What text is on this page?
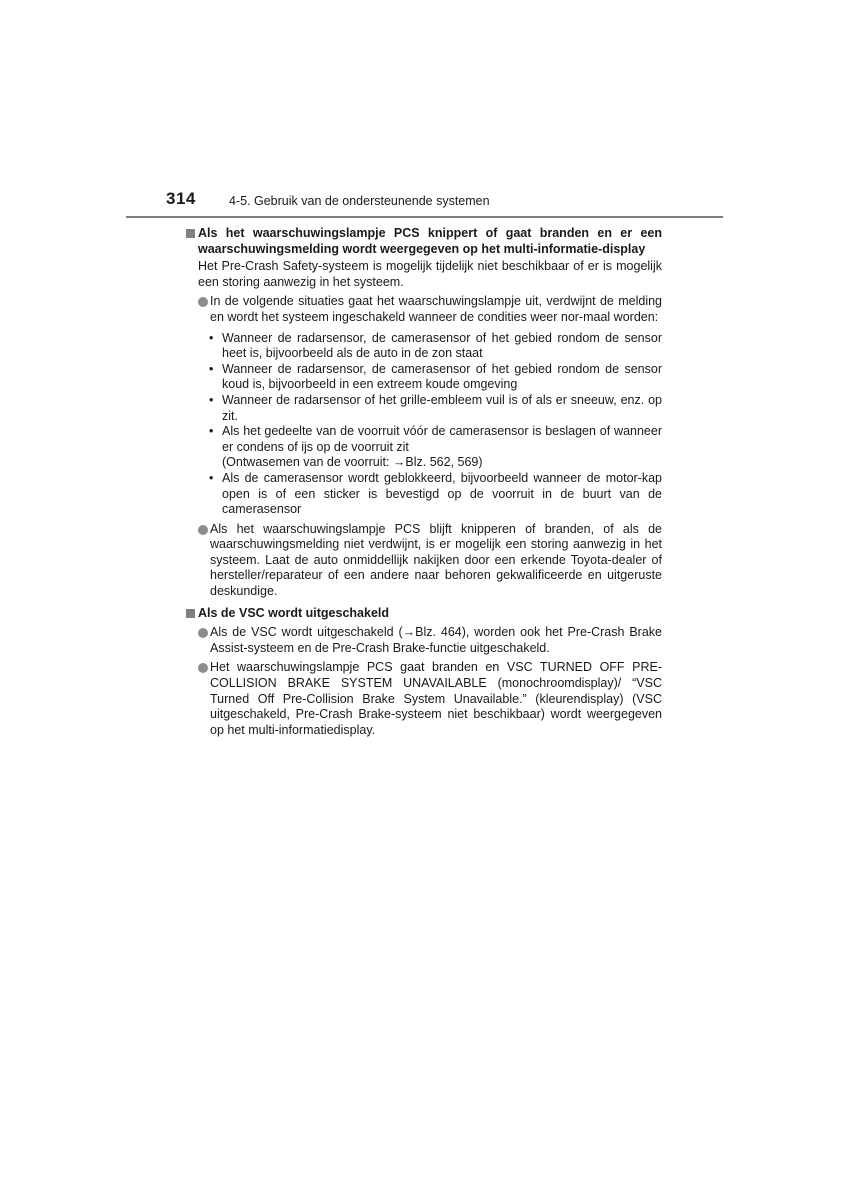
314	4-5. Gebruik van de ondersteunende systemen
Als het waarschuwingslampje PCS knippert of gaat branden en er een waarschuwingsmelding wordt weergegeven op het multi-informatie-display

Het Pre-Crash Safety-systeem is mogelijk tijdelijk niet beschikbaar of er is mogelijk een storing aanwezig in het systeem.

In de volgende situaties gaat het waarschuwingslampje uit, verdwijnt de melding en wordt het systeem ingeschakeld wanneer de condities weer nor-maal worden:

• Wanneer de radarsensor, de camerasensor of het gebied rondom de sensor heet is, bijvoorbeeld als de auto in de zon staat

• Wanneer de radarsensor, de camerasensor of het gebied rondom de sensor koud is, bijvoorbeeld in een extreem koude omgeving

• Wanneer de radarsensor of het grille-embleem vuil is of als er sneeuw, enz. op zit.

• Als het gedeelte van de voorruit vóór de camerasensor is beslagen of wanneer er condens of ijs op de voorruit zit

(Ontwasemen van de voorruit: →Blz. 562, 569)

• Als de camerasensor wordt geblokkeerd, bijvoorbeeld wanneer de motor-kap open is of een sticker is bevestigd op de voorruit in de buurt van de camerasensor

Als het waarschuwingslampje PCS blijft knipperen of branden, of als de waarschuwingsmelding niet verdwijnt, is er mogelijk een storing aanwezig in het systeem. Laat de auto onmiddellijk nakijken door een erkende Toyota-dealer of hersteller/reparateur of een andere naar behoren gekwalificeerde en uitgeruste deskundige.

Als de VSC wordt uitgeschakeld

Als de VSC wordt uitgeschakeld (→Blz. 464), worden ook het Pre-Crash Brake Assist-systeem en de Pre-Crash Brake-functie uitgeschakeld.

Het waarschuwingslampje PCS gaat branden en VSC TURNED OFF PRE-COLLISION BRAKE SYSTEM UNAVAILABLE (monochroomdisplay)/ “VSC Turned Off Pre-Collision Brake System Unavailable.” (kleurendisplay) (VSC uitgeschakeld, Pre-Crash Brake-systeem niet beschikbaar) wordt weergegeven op het multi-informatiedisplay.
